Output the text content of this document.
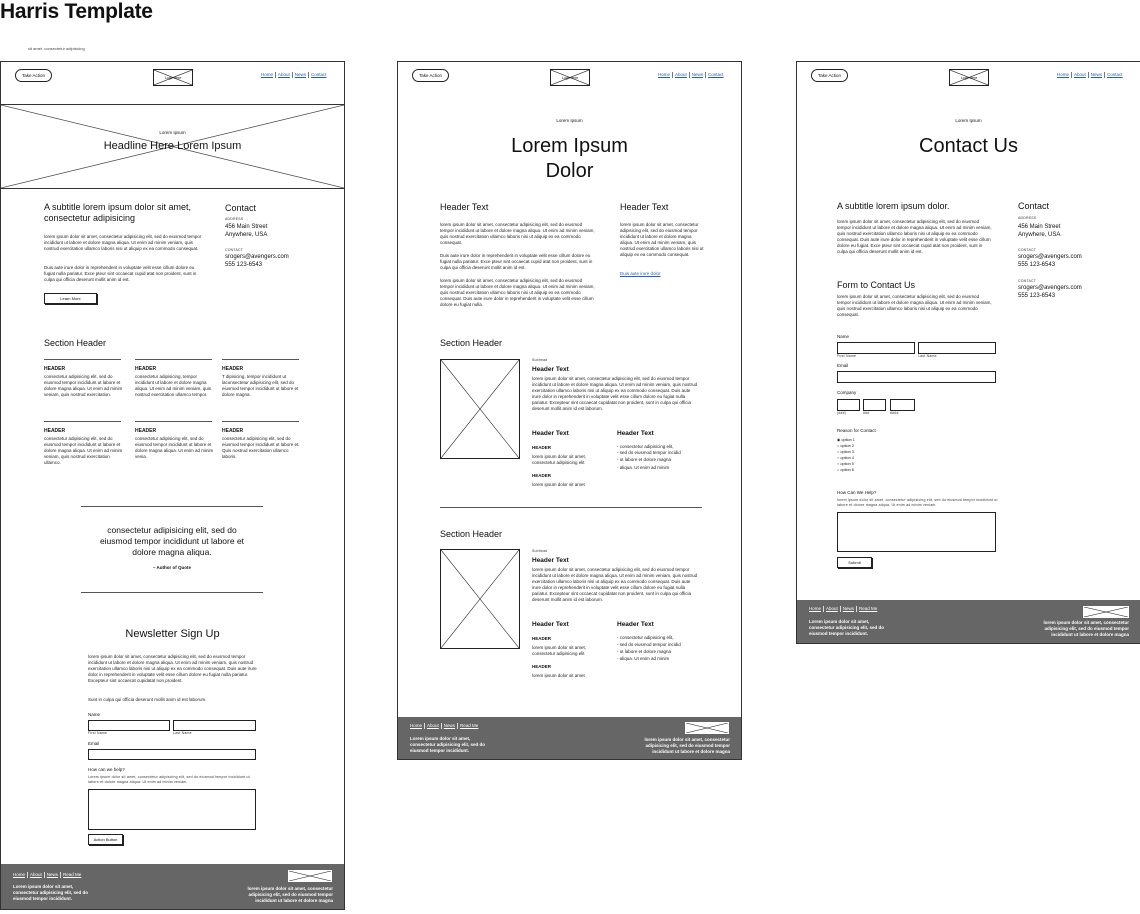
Harris Template
sit amet, consectetur adipisicing
Take Action	Logo Here
Home	About	News	Contact
Lorem Ipsum
Headline Here Lorem Ipsum
A subtitle lorem ipsum dolor sit amet, consectetur adipisicing
lorem ipsum dolor sit amet, consectetur adipisicing elit, sed do eiusmod tempor incididunt ut labore et dolore magna aliqua. Ut enim ad minim veniam, quis nostrud exercitation ullamco laboris nisi ut aliquip ex ea commodo consequat.
Duis aute irure dolor in reprehenderit in voluptate velit esse cillum dolore eu fugiat nulla pariatur. Exce pteur sint occaecat cupid atat non proident, sunt in culpa qui officia deserunt mollit anim id est.
Learn More
Contact
ADDRESS
456 Main Street
Anywhere, USA
CONTACT
srogers@avengers.com
555 123-6543
Section Header
HEADER
consectetur adipisicing elit, sed do eiusmod tempor incididunt ut labore et dolore magna aliqua. Ut enim ad minim veniam, quis nostrud exercitation.
HEADER
consectetur adipisicing, tempor incididunt ut labore et dolore magna aliqua. Ut enim ad minim veniam, quis nostrud exercitation ullamco tempor.
HEADER
T dipisicing, tempor incididunt ut laconsectetur adipisicing elit, sed do eiusmod tempor incididunt ut labore et dolore magna.
HEADER
consectetur adipisicing elit, sed do eiusmod tempor incididunt ut labore et dolore magna aliqua. Ut enim ad minim veniam, quis nostrud exercitation ullamco.
HEADER
consectetur adipisicing elit, sed do eiusmod tempor incididunt ut labore et dolore magna aliqua. Ut enim ad minim venia.
HEADER
consectetur adipisicing elit, sed do eiusmod tempor incididunt ut labore et. Quis nostrud exercitation ullamco laboris.
consectetur adipisicing elit, sed do eiusmod tempor incididunt ut labore et dolore magna aliqua.
– Author of Quote
Newsletter Sign Up
lorem ipsum dolor sit amet, consectetur adipisicing elit, sed do eiusmod tempor incididunt ut labore et dolore magna aliqua. Ut enim ad minim veniam, quis nostrud exercitation ullamco laboris nisi ut aliquip ex ea commodo consequat. Duis aute irure dolor in reprehenderit in voluptate velit esse cillum dolore eu fugiat nulla pariatur. Excepteur sint occaecat cupidatat non proident.
Sunt in culpa qui officia deserunt mollit anim id est laborum.
Name
First Name	Last Name
Email
How can we help?
Lorem ipsum dolor sit amet, consectetur adipisicing elit, sed do eiusmod tempor incididunt ut labore et dolore magna aliqua. Ut enim ad minim veniam.
Action Button
Home	About	News	Read Me
Lorem ipsum dolor sit amet, consectetur adipisicing elit, sed do eiusmod tempor incididunt.
lorem ipsum dolor sit amet, consectetur adipisicing elit, sed do eiusmod tempor incididunt ut labore et dolore magna
Take Action	Logo Here
Home	About	News	Contact
Lorem Ipsum
Lorem Ipsum Dolor
Header Text
lorem ipsum dolor sit amet, consectetur adipisicing elit, sed do eiusmod tempor incididunt ut labore et dolore magna aliqua. Ut enim ad minim veniam, quis nostrud exercitation ullamco laboris nisi ut aliquip ex ea commodo consequat.
Duis aute irure dolor in reprehenderit in voluptate velit esse cillum dolore eu fugiat nulla pariatur. Exce pteur sint occaecat cupid atat non proident, sunt in culpa qui officia deserunt mollit anim id est.
lorem ipsum dolor sit amet, consectetur adipisicing elit, sed do eiusmod tempor incididunt ut labore et dolore magna aliqua. Ut enim ad minim veniam, quis nostrud exercitation ullamco laboris nisi ut aliquip ex ea commodo consequat. Duis aute irure dolor in reprehenderit in voluptate velit esse cillum dolore eu fugiat nulla.
Header Text
lorem ipsum dolor sit amet, consectetur adipisicing elit, sed do eiusmod tempor incididunt ut labore et dolore magna aliqua. Ut enim ad minim veniam, quis nostrud exercitation ullamco laboris nisi ut aliquip ex ea commodo consequat.
Duis aute irure dolor
Section Header
Subhead
Header Text
lorem ipsum dolor sit amet, consectetur adipisicing elit, sed do eiusmod tempor incididunt ut labore et dolore magna aliqua. Ut enim ad minim veniam, quis nostrud exercitation ullamco laboris nisi ut aliquip ex ea commodo consequat. Duis aute irure dolor in reprehenderit in voluptate velit esse cillum dolore eu fugiat nulla pariatur. Excepteur sint occaecat cupidatat non proident, sunt in culpa qui officia deserunt mollit anim id est laborum.
Header Text
HEADER
lorem ipsum dolor sit amet, consectetur adipisicing elit
HEADER
lorem ipsum dolor sit amet
Header Text
- consectetur adipisicing elit,
- sed do eiusmod tempor incidid
- ut labore et dolore magna
- aliqua. Ut enim ad minim
Section Header
Subhead
Header Text
lorem ipsum dolor sit amet, consectetur adipisicing elit, sed do eiusmod tempor incididunt ut labore et dolore magna aliqua. Ut enim ad minim veniam, quis nostrud exercitation ullamco laboris nisi ut aliquip ex ea commodo consequat. Duis aute irure dolor in reprehenderit in voluptate velit esse cillum dolore eu fugiat nulla pariatur. Excepteur sint occaecat cupidatat non proident, sunt in culpa qui officia deserunt mollit anim id est laborum.
Header Text
HEADER
lorem ipsum dolor sit amet, consectetur adipisicing elit
HEADER
lorem ipsum dolor sit amet
Header Text
- consectetur adipisicing elit,
- sed do eiusmod tempor incidid
- ut labore et dolore magna
- aliqua. Ut enim ad minim
Home	About	News	Read Me
Lorem ipsum dolor sit amet, consectetur adipisicing elit, sed do eiusmod tempor incididunt.
lorem ipsum dolor sit amet, consectetur adipisicing elit, sed do eiusmod tempor incididunt ut labore et dolore magna
Take Action	Logo Here
Home	About	News	Contact
Lorem Ipsum
Contact Us
A subtitle lorem ipsum dolor.
lorem ipsum dolor sit amet, consectetur adipisicing elit, sed do eiusmod tempor incididunt ut labore et dolore magna aliqua. Ut enim ad minim veniam, quis nostrud exercitation ullamco laboris nisi ut aliquip ex ea commodo consequat. Duis aute irure dolor in reprehenderit in voluptate velit esse cillum dolore eu fugiat. Exce pteur sint occaecat cupid atat non proident, sunt in culpa qui officia deserunt mollit anim id est.
Form to Contact Us
lorem ipsum dolor sit amet, consectetur adipisicing elit, sed do eiusmod tempor incididunt ut labore et dolore magna aliqua. Ut enim ad minim veniam, quis nostrud exercitation ullamco laboris nisi ut aliquip ex ea commodo consequat.
Name
First Name	Last Name
Email
Company
(###)	###	####
Reason for Contact
◉ option 1
○ option 2
○ option 3
○ option 4
○ option 5
○ option 6
How Can We Help?
lorem ipsum dolor sit amet, consectetur adipisicing elit, sed do eiusmod tempor incididunt ut labore et dolore magna aliqua. Ut enim ad minim veniam.
Submit
Contact
ADDRESS
456 Main Street
Anywhere, USA
CONTACT
srogers@avengers.com
555 123-6543
CONTACT
srogers@avengers.com
555 123-6543
Home	About	News	Read Me
Lorem ipsum dolor sit amet, consectetur adipisicing elit, sed do eiusmod tempor incididunt.
lorem ipsum dolor sit amet, consectetur adipisicing elit, sed do eiusmod tempor incididunt ut labore et dolore magna
